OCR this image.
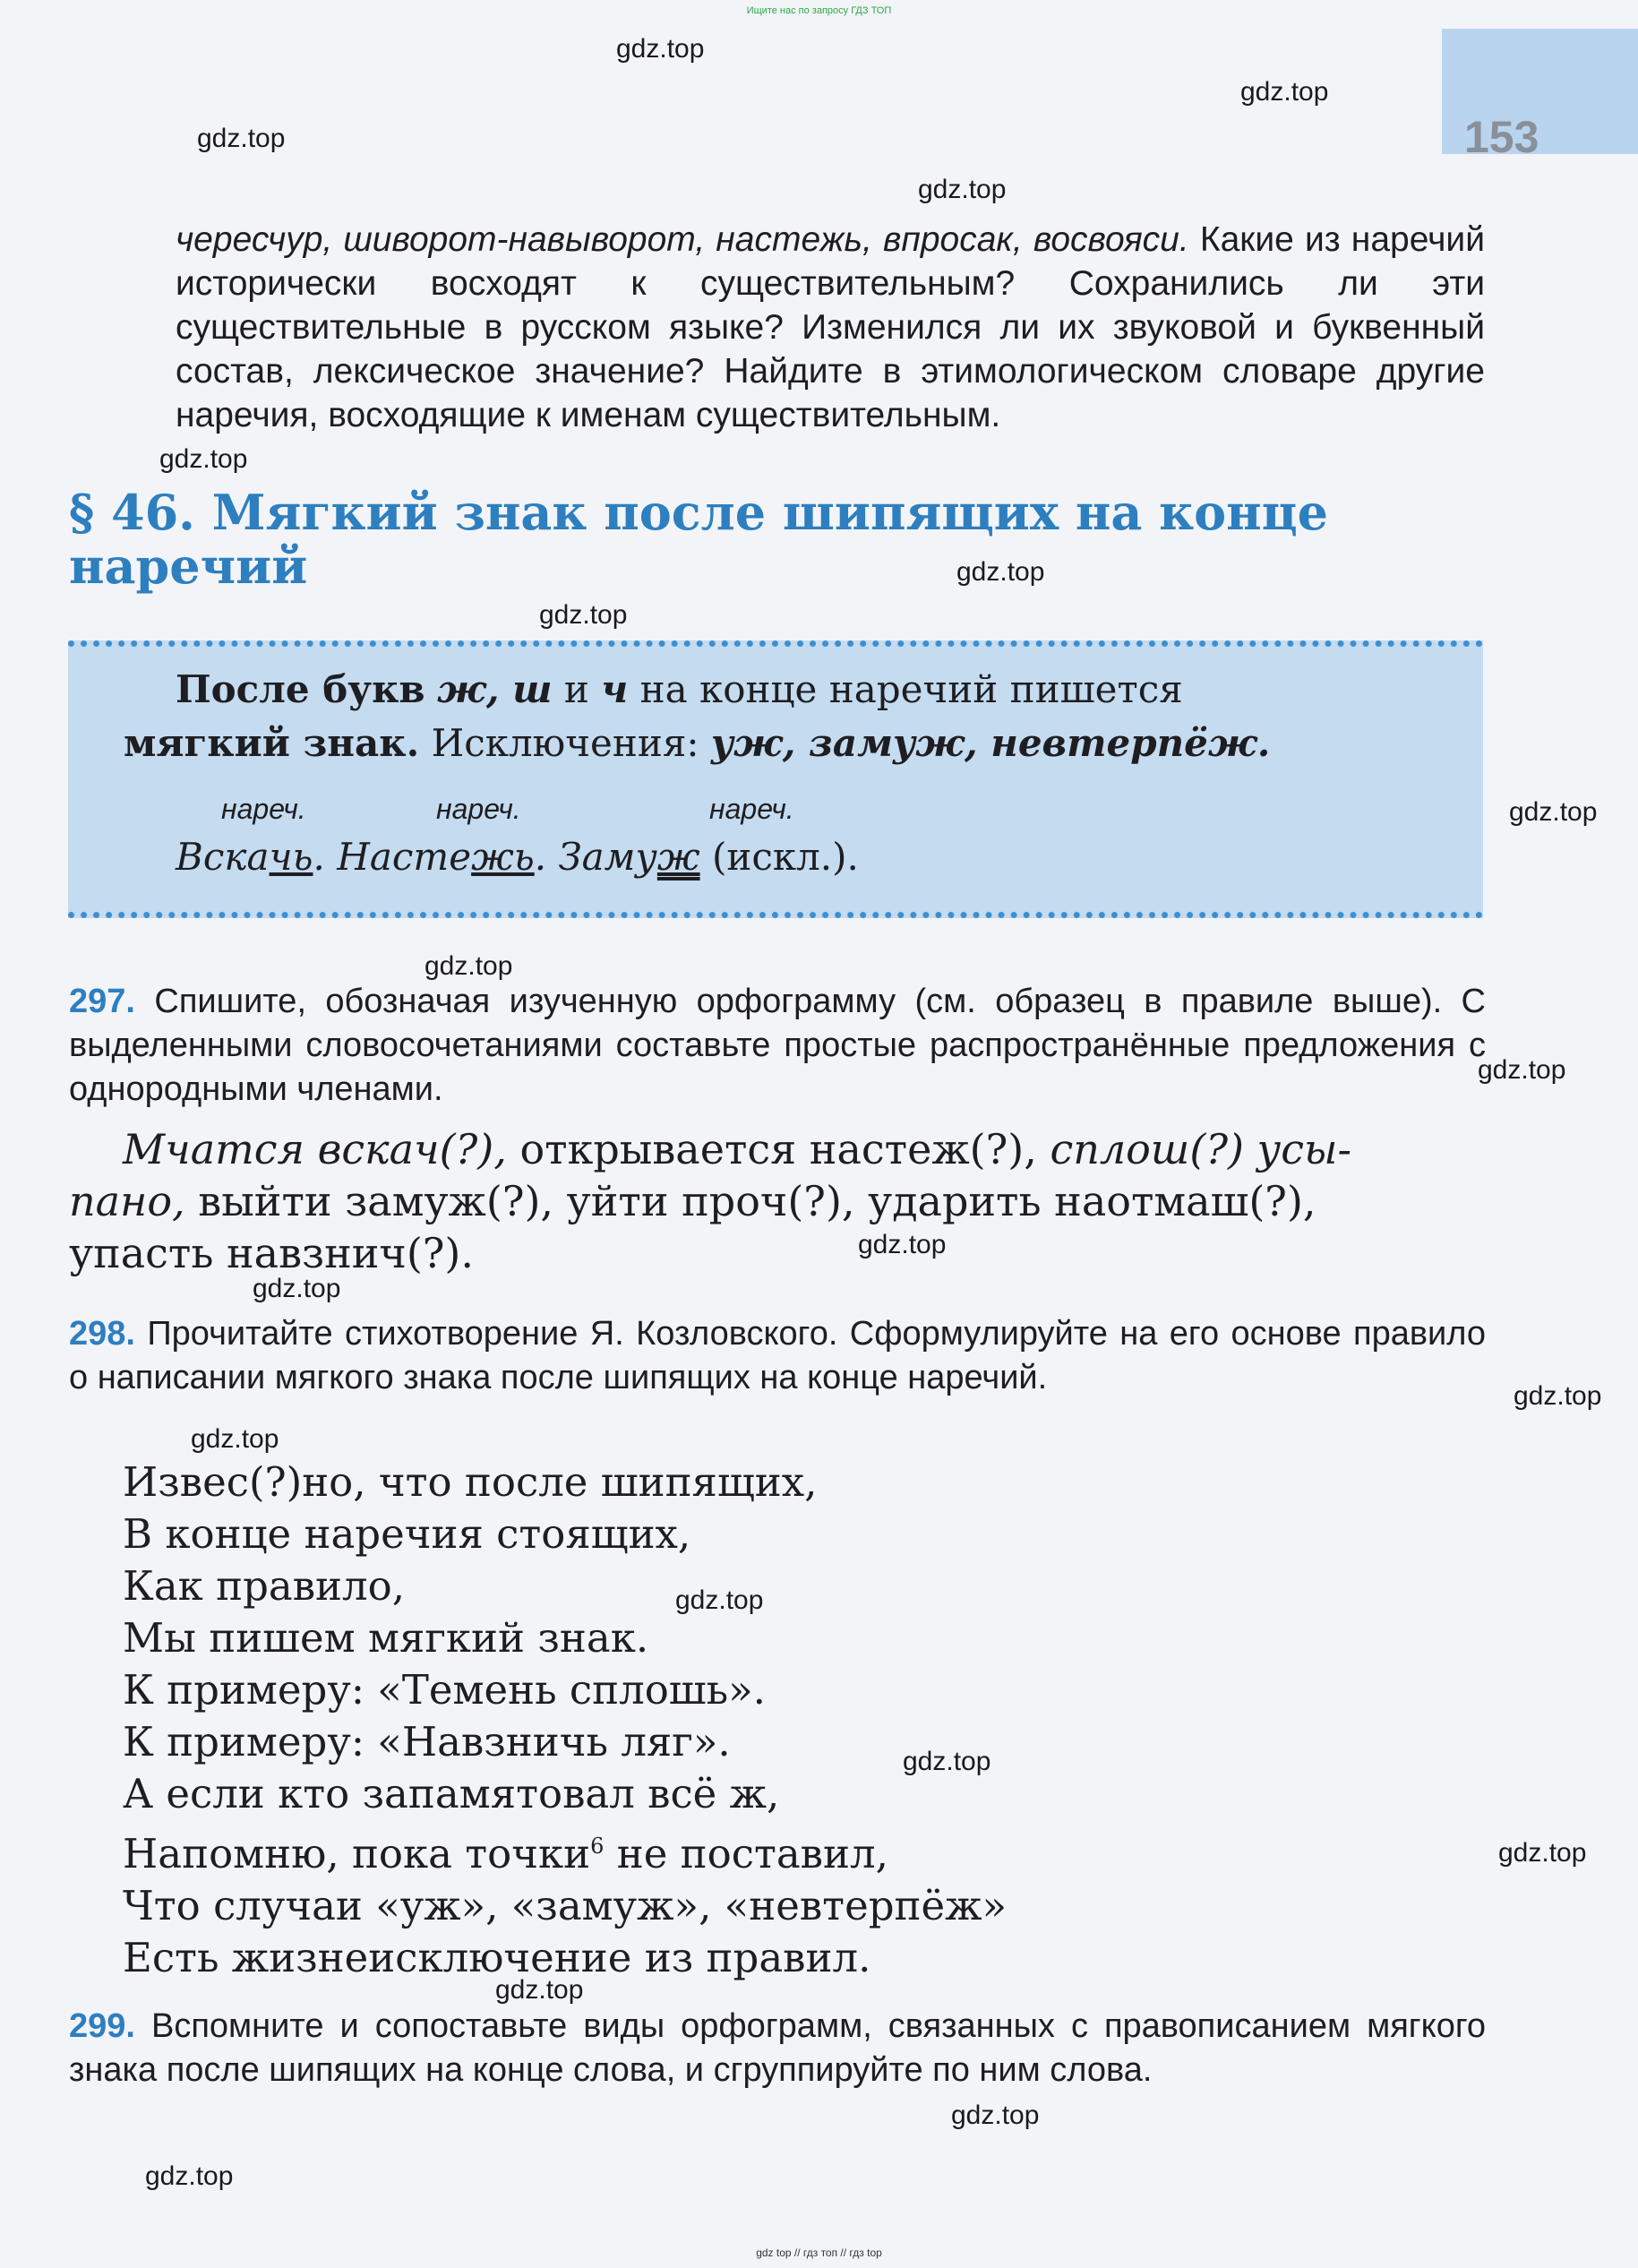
Ищите нас по запросу ГДЗ ТОП
153
gdz.top
gdz.top
gdz.top
gdz.top
gdz.top
gdz.top
gdz.top
gdz.top
gdz.top
gdz.top
gdz.top
gdz.top
gdz.top
gdz.top
gdz.top
gdz.top
gdz.top
gdz.top
gdz.top
gdz.top
чересчур, шиворот-навыворот, настежь, впросак, восвояси. Какие из наречий исторически восходят к существительным? Сохранились ли эти существительные в русском языке? Изменился ли их звуковой и буквенный состав, лексическое значение? Найдите в этимологическом словаре другие наречия, восходящие к именам существительным.
§ 46. Мягкий знак после шипящих на конце
наречий
После букв ж, ш и ч на конце наречий пишется
мягкий знак. Исключения: уж, замуж, невтерпёж.
нареч.	нареч.	нареч.
Вскачь. Настежь. Замуж (искл.).
297. Спишите, обозначая изученную орфограмму (см. образец в правиле выше). С выделенными словосочетаниями составьте простые распространённые предложения с однородными членами.
Мчатся вскач(?), открывается настеж(?), сплош(?) усы-
пано, выйти замуж(?), уйти проч(?), ударить наотмаш(?),
упасть навзнич(?).
298. Прочитайте стихотворение Я. Козловского. Сформулируйте на его основе правило о написании мягкого знака после шипящих на конце наречий.
Извес(?)но, что после шипящих,
В конце наречия стоящих,
Как правило,
Мы пишем мягкий знак.
К примеру: «Темень сплошь».
К примеру: «Навзничь ляг».
А если кто запамятовал всё ж,
Напомню, пока точки$^6$ не поставил,
Что случаи «уж», «замуж», «невтерпёж»
Есть жизнеисключение из правил.
299. Вспомните и сопоставьте виды орфограмм, связанных с правописанием мягкого знака после шипящих на конце слова, и сгруппируйте по ним слова.
gdz top // гдз топ // гдз top
